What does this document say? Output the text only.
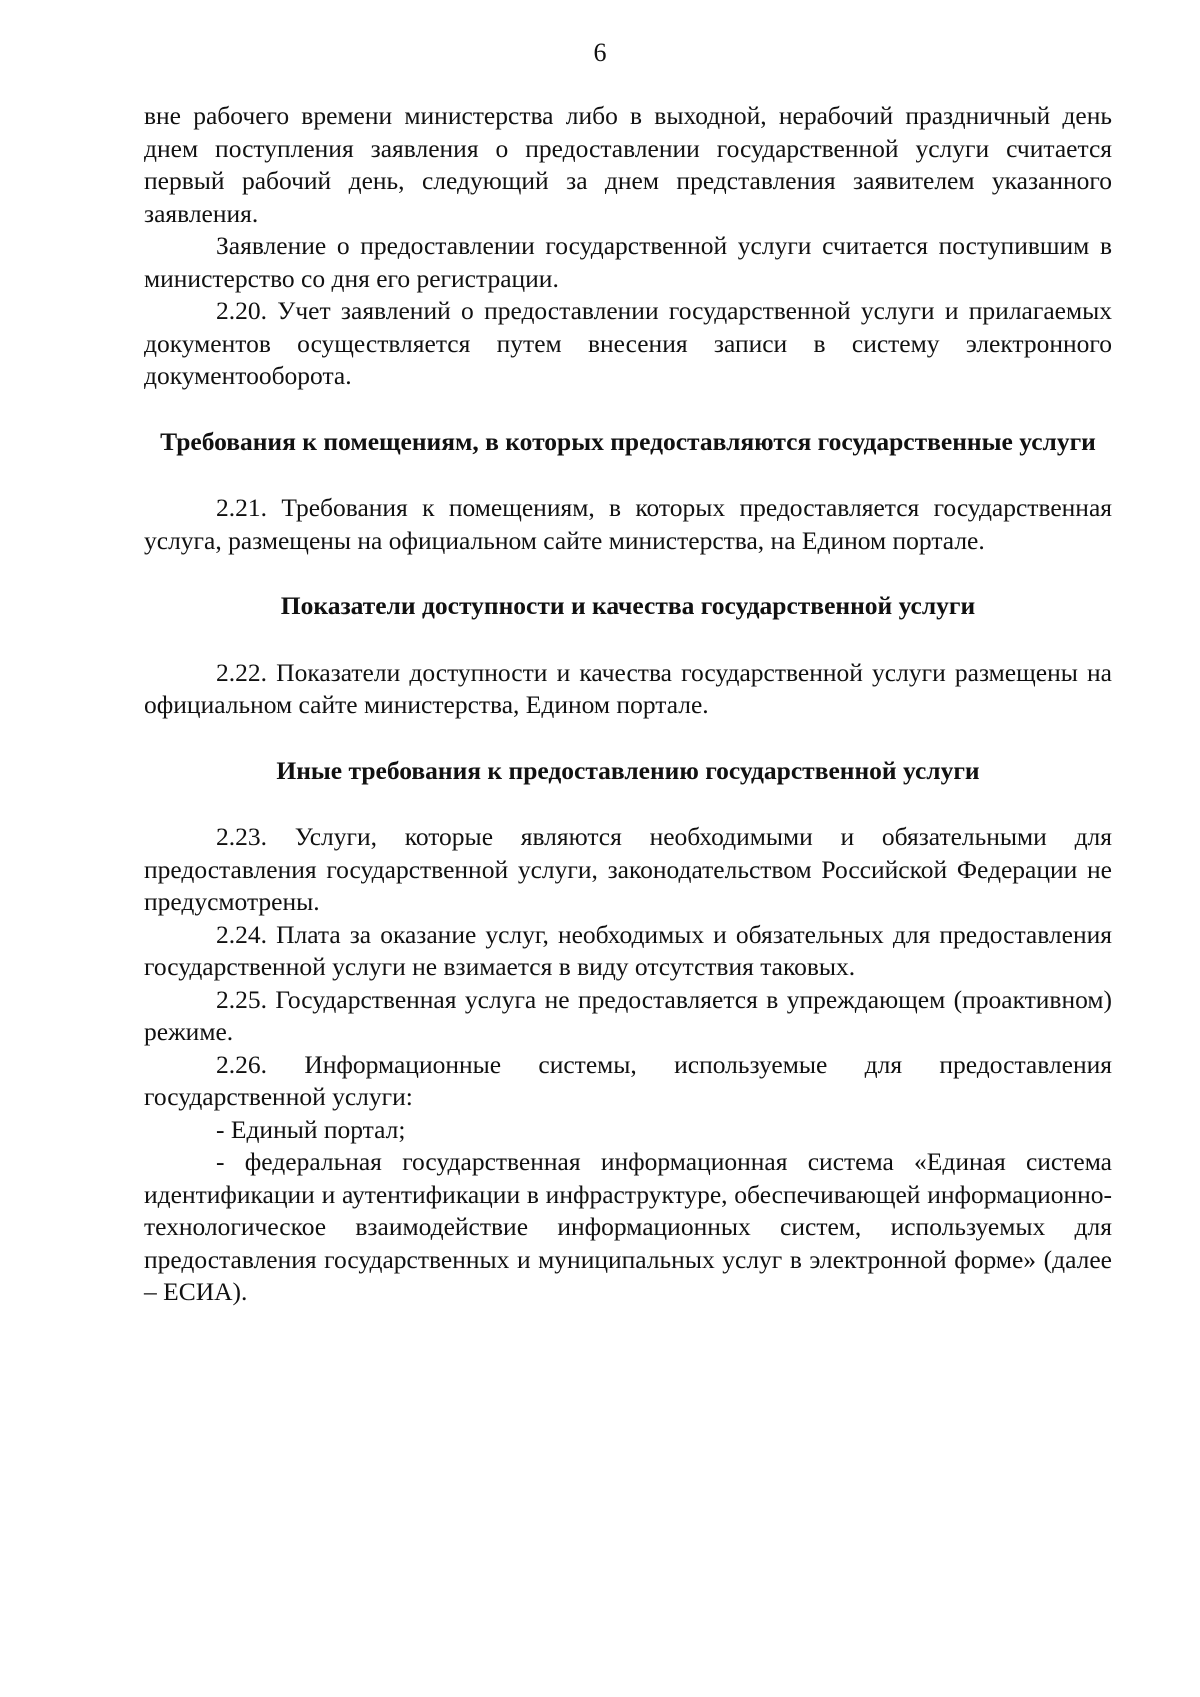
6

вне рабочего времени министерства либо в выходной, нерабочий праздничный день днем поступления заявления о предоставлении государственной услуги считается первый рабочий день, следующий за днем представления заявителем указанного заявления.

Заявление о предоставлении государственной услуги считается поступившим в министерство со дня его регистрации.

2.20. Учет заявлений о предоставлении государственной услуги и прилагаемых документов осуществляется путем внесения записи в систему электронного документооборота.

Требования к помещениям, в которых предоставляются государственные услуги

2.21. Требования к помещениям, в которых предоставляется государственная услуга, размещены на официальном сайте министерства, на Едином портале.

Показатели доступности и качества государственной услуги

2.22. Показатели доступности и качества государственной услуги размещены на официальном сайте министерства, Едином портале.

Иные требования к предоставлению государственной услуги

2.23. Услуги, которые являются необходимыми и обязательными для предоставления государственной услуги, законодательством Российской Федерации не предусмотрены.

2.24. Плата за оказание услуг, необходимых и обязательных для предоставления государственной услуги не взимается в виду отсутствия таковых.

2.25. Государственная услуга не предоставляется в упреждающем (проактивном) режиме.

2.26. Информационные системы, используемые для предоставления государственной услуги:

- Единый портал;

- федеральная государственная информационная система «Единая система идентификации и аутентификации в инфраструктуре, обеспечивающей информационно-технологическое взаимодействие информационных систем, используемых для предоставления государственных и муниципальных услуг в электронной форме» (далее – ЕСИА).
